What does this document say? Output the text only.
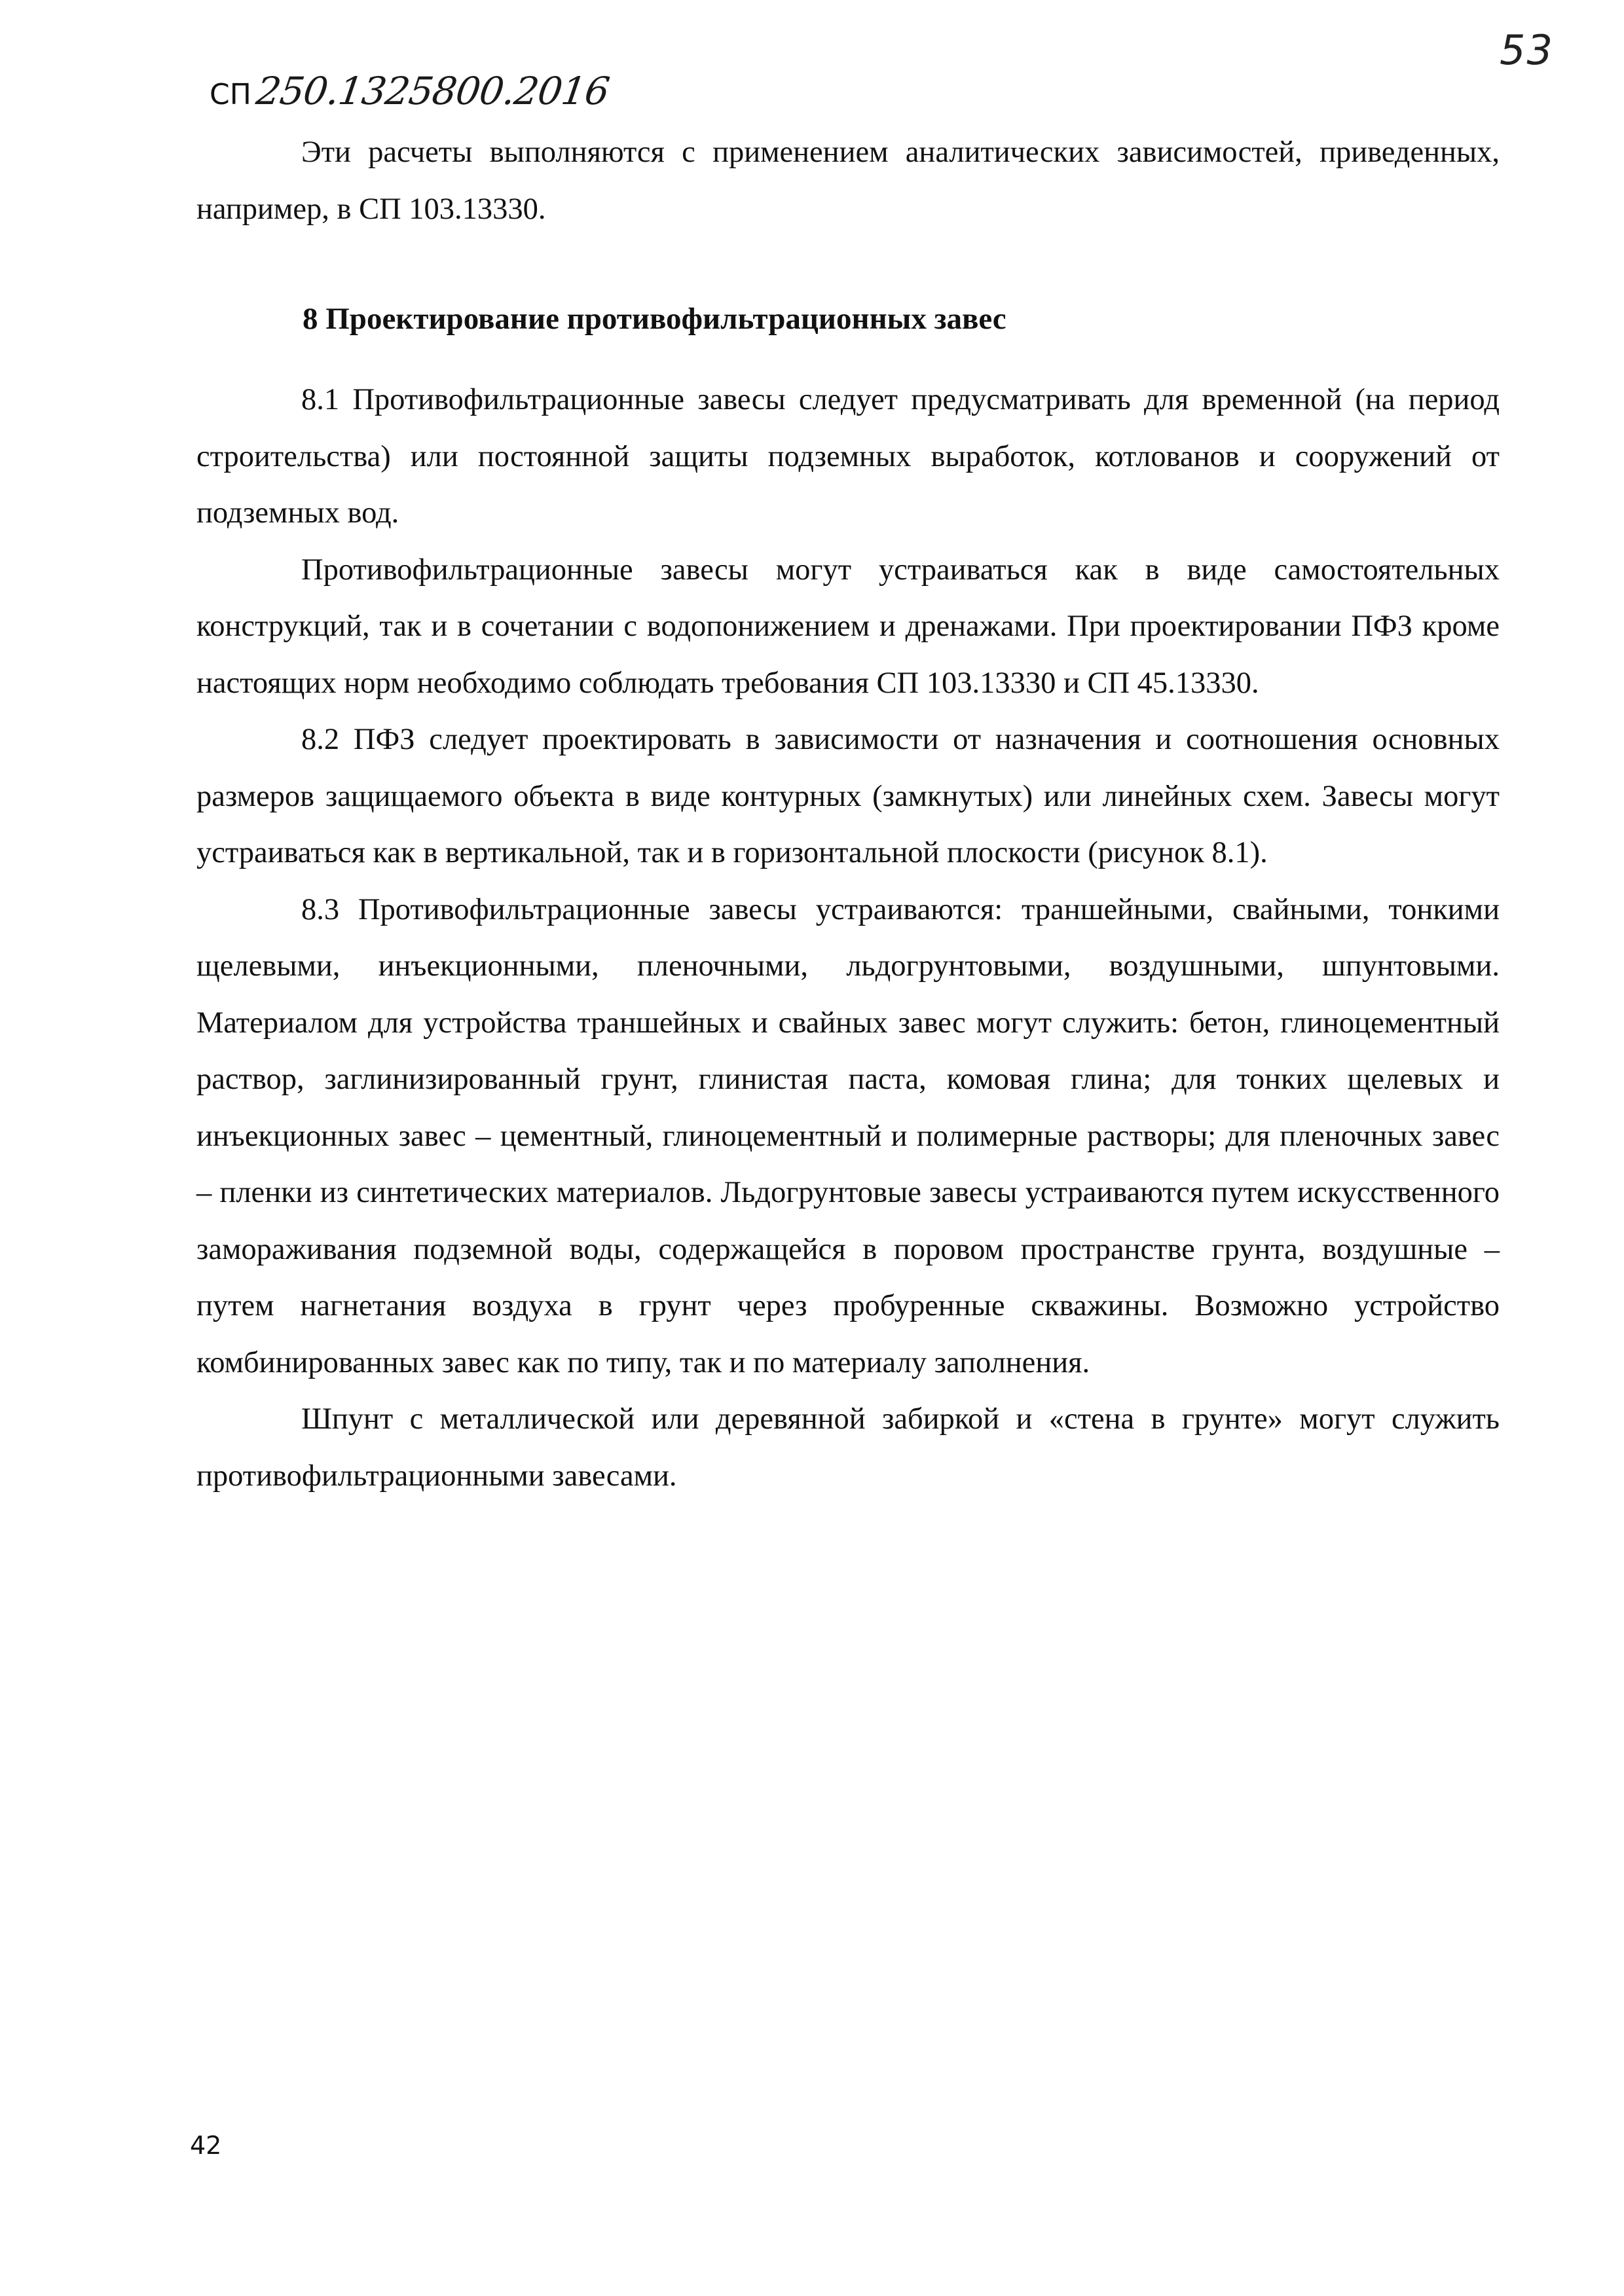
53
СП 250.1325800.2016

Эти расчеты выполняются с применением аналитических зависимостей, приведенных, например, в СП 103.13330.

8 Проектирование противофильтрационных завес

8.1 Противофильтрационные завесы следует предусматривать для временной (на период строительства) или постоянной защиты подземных выработок, котлованов и сооружений от подземных вод.

Противофильтрационные завесы могут устраиваться как в виде самостоятельных конструкций, так и в сочетании с водопонижением и дренажами. При проектировании ПФЗ кроме настоящих норм необходимо соблюдать требования СП 103.13330 и СП 45.13330.

8.2 ПФЗ следует проектировать в зависимости от назначения и соотношения основных размеров защищаемого объекта в виде контурных (замкнутых) или линейных схем. Завесы могут устраиваться как в вертикальной, так и в горизонтальной плоскости (рисунок 8.1).

8.3 Противофильтрационные завесы устраиваются: траншейными, свайными, тонкими щелевыми, инъекционными, пленочными, льдогрунтовыми, воздушными, шпунтовыми. Материалом для устройства траншейных и свайных завес могут служить: бетон, глиноцементный раствор, заглинизированный грунт, глинистая паста, комовая глина; для тонких щелевых и инъекционных завес – цементный, глиноцементный и полимерные растворы; для пленочных завес – пленки из синтетических материалов. Льдогрунтовые завесы устраиваются путем искусственного замораживания подземной воды, содержащейся в поровом пространстве грунта, воздушные – путем нагнетания воздуха в грунт через пробуренные скважины. Возможно устройство комбинированных завес как по типу, так и по материалу заполнения.

Шпунт с металлической или деревянной забиркой и «стена в грунте» могут служить противофильтрационными завесами.

42
